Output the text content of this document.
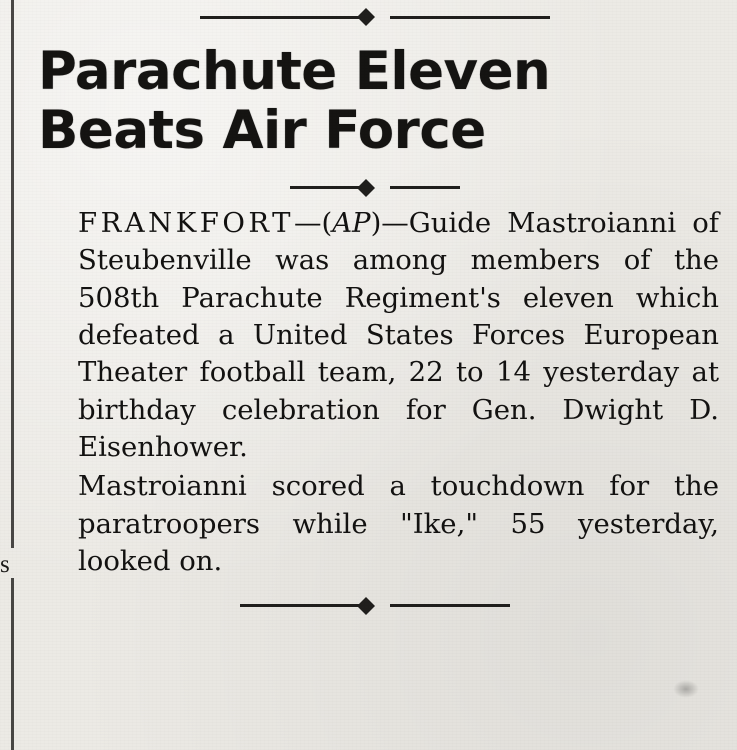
s
Parachute Eleven
Beats Air Force

FRANKFORT—(AP)—Guide Mastroianni of Steubenville was among members of the 508th Parachute Regiment's eleven which defeated a United States Forces European Theater football team, 22 to 14 yesterday at birthday celebration for Gen. Dwight D. Eisenhower.

Mastroianni scored a touchdown for the paratroopers while "Ike," 55 yesterday, looked on.
